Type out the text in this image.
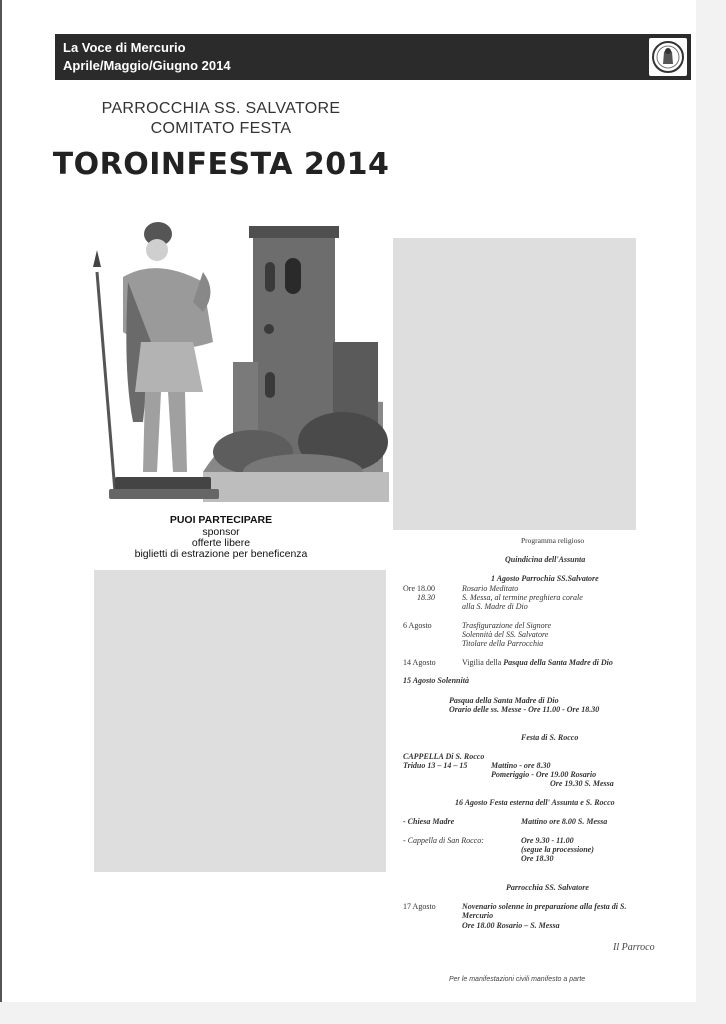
La Voce di Mercurio
Aprile/Maggio/Giugno 2014
PARROCCHIA SS. SALVATORE
COMITATO FESTA
TOROINFESTA 2014
PUOI PARTECIPARE
sponsor
offerte libere
biglietti di estrazione per beneficenza
Programma religioso
Quindicina dell'Assunta
1 Agosto Parrochia SS.Salvatore
Ore 18.00	Rosario Meditato
18.30	S. Messa, al termine preghiera corale
alla S. Madre di Dio
6 Agosto	Trasfigurazione del Signore
Solennità del SS. Salvatore
Titolare della Parrocchia
14 Agosto	Vigilia della Pasqua della Santa Madre di Dio
15 Agosto Solennità
Pasqua della Santa Madre di Dio
Orario delle ss. Messe - Ore 11.00 - Ore 18.30
Festa di S. Rocco
CAPPELLA Di S. Rocco
Triduo 13 – 14 – 15	Mattino - ore 8.30
Pomeriggio - Ore 19.00 Rosario
Ore 19.30 S. Messa
16 Agosto Festa esterna dell' Assunta e S. Rocco
- Chiesa Madre	Mattino ore 8.00 S. Messa
- Cappella di San Rocco:	Ore 9.30 - 11.00
(segue la processione)
Ore 18.30
Parrocchia SS. Salvatore
17 Agosto	Novenario solenne in preparazione alla festa di S.
Mercurio
Ore 18.00 Rosario – S. Messa
Il Parroco
Per le manifestazioni civili manifesto a parte
